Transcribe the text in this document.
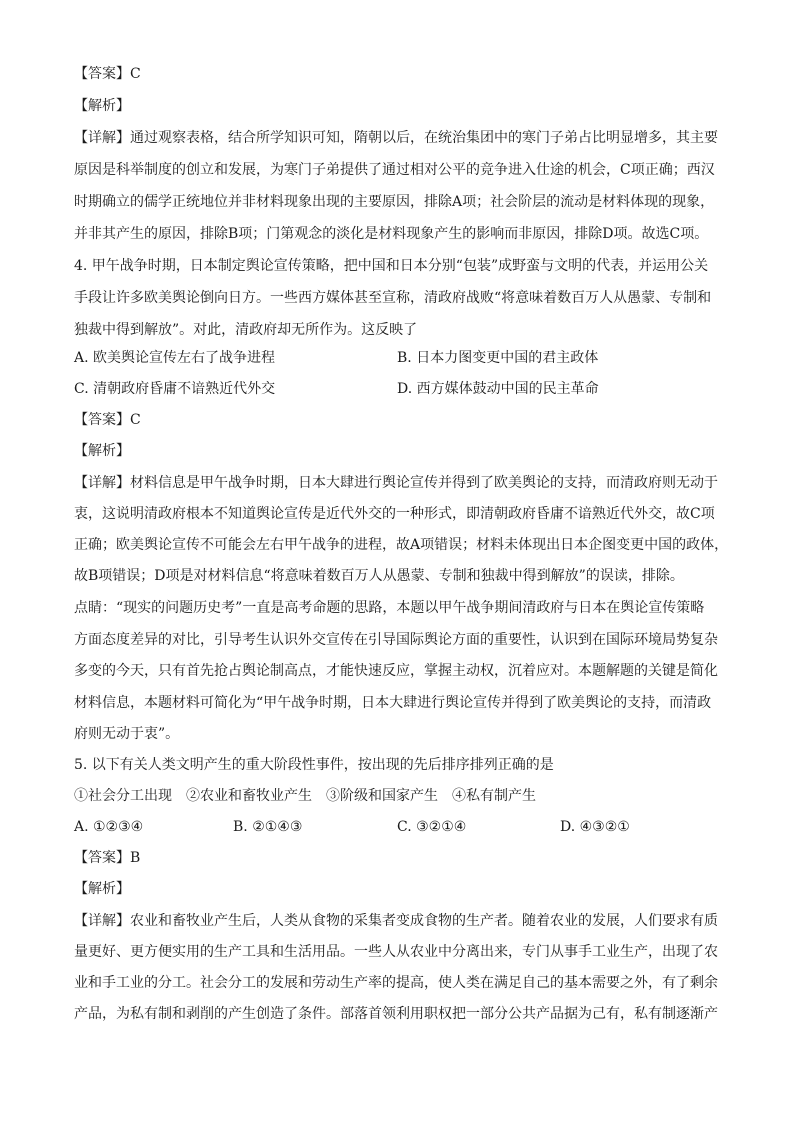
【答案】C
【解析】
【详解】通过观察表格，结合所学知识可知，隋朝以后，在统治集团中的寒门子弟占比明显增多，其主要
原因是科举制度的创立和发展，为寒门子弟提供了通过相对公平的竞争进入仕途的机会，C项正确；西汉
时期确立的儒学正统地位并非材料现象出现的主要原因，排除A项；社会阶层的流动是材料体现的现象，
并非其产生的原因，排除B项；门第观念的淡化是材料现象产生的影响而非原因，排除D项。故选C项。
4. 甲午战争时期，日本制定舆论宣传策略，把中国和日本分别“包装”成野蛮与文明的代表，并运用公关
手段让许多欧美舆论倒向日方。一些西方媒体甚至宣称，清政府战败“将意味着数百万人从愚蒙、专制和
独裁中得到解放”。对此，清政府却无所作为。这反映了
A. 欧美舆论宣传左右了战争进程	B. 日本力图变更中国的君主政体
C. 清朝政府昏庸不谙熟近代外交	D. 西方媒体鼓动中国的民主革命
【答案】C
【解析】
【详解】材料信息是甲午战争时期，日本大肆进行舆论宣传并得到了欧美舆论的支持，而清政府则无动于
衷，这说明清政府根本不知道舆论宣传是近代外交的一种形式，即清朝政府昏庸不谙熟近代外交，故C项
正确；欧美舆论宣传不可能会左右甲午战争的进程，故A项错误；材料未体现出日本企图变更中国的政体，
故B项错误；D项是对材料信息“将意味着数百万人从愚蒙、专制和独裁中得到解放”的误读，排除。
点睛：“现实的问题历史考”一直是高考命题的思路，本题以甲午战争期间清政府与日本在舆论宣传策略
方面态度差异的对比，引导考生认识外交宣传在引导国际舆论方面的重要性，认识到在国际环境局势复杂
多变的今天，只有首先抢占舆论制高点，才能快速反应，掌握主动权，沉着应对。本题解题的关键是简化
材料信息，本题材料可简化为“甲午战争时期，日本大肆进行舆论宣传并得到了欧美舆论的支持，而清政
府则无动于衷”。
5. 以下有关人类文明产生的重大阶段性事件，按出现的先后排序排列正确的是
①社会分工出现　②农业和畜牧业产生　③阶级和国家产生　④私有制产生
A. ①②③④	B. ②①④③	C. ③②①④	D. ④③②①
【答案】B
【解析】
【详解】农业和畜牧业产生后，人类从食物的采集者变成食物的生产者。随着农业的发展，人们要求有质
量更好、更方便实用的生产工具和生活用品。一些人从农业中分离出来，专门从事手工业生产，出现了农
业和手工业的分工。社会分工的发展和劳动生产率的提高，使人类在满足自己的基本需要之外，有了剩余
产品，为私有制和剥削的产生创造了条件。部落首领利用职权把一部分公共产品据为己有，私有制逐渐产
